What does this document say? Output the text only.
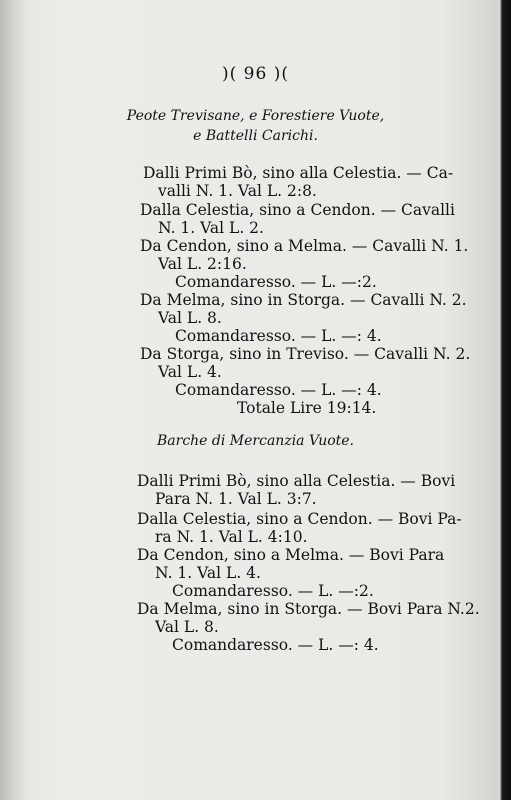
)( 96 )(
Peote Trevisane, e Forestiere Vuote,
e Battelli Carichi.
Dalli Primi Bò, sino alla Celestia. — Ca-
valli N. 1. Val L. 2:8.
Dalla Celestia, sino a Cendon. — Cavalli
N. 1. Val L. 2.
Da Cendon, sino a Melma. — Cavalli N. 1.
Val L. 2:16.
Comandaresso. — L. —:2.
Da Melma, sino in Storga. — Cavalli N. 2.
Val L. 8.
Comandaresso. — L. —: 4.
Da Storga, sino in Treviso. — Cavalli N. 2.
Val L. 4.
Comandaresso. — L. —: 4.
Totale Lire 19:14.
Barche di Mercanzia Vuote.
Dalli Primi Bò, sino alla Celestia. — Bovi
Para N. 1. Val L. 3:7.
Dalla Celestia, sino a Cendon. — Bovi Pa-
ra N. 1. Val L. 4:10.
Da Cendon, sino a Melma. — Bovi Para
N. 1. Val L. 4.
Comandaresso. — L. —:2.
Da Melma, sino in Storga. — Bovi Para N.2.
Val L. 8.
Comandaresso. — L. —: 4.
